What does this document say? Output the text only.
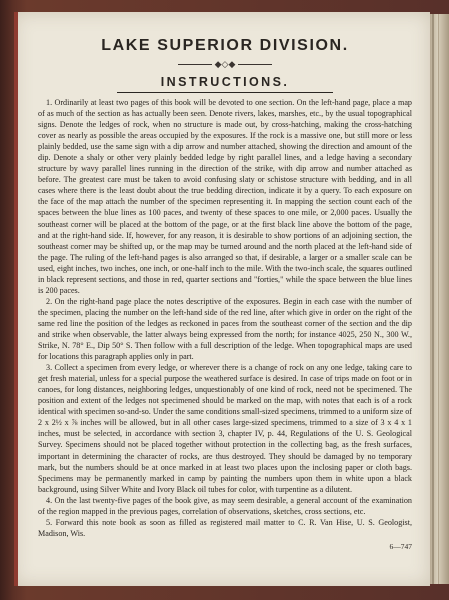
LAKE SUPERIOR DIVISION.
◆◇◆
INSTRUCTIONS.

1. Ordinarily at least two pages of this book will be devoted to one section. On the left-hand page, place a map of as much of the section as has actually been seen. Denote rivers, lakes, marshes, etc., by the usual topographical signs. Denote the ledges of rock, when no structure is made out, by cross-hatching, making the cross-hatching cover as nearly as possible the areas occupied by the exposures. If the rock is a massive one, but still more or less plainly bedded, use the same sign with a dip arrow and number attached, showing the direction and amount of the dip. Denote a shaly or other very plainly bedded ledge by right parallel lines, and a ledge having a secondary structure by wavy parallel lines running in the direction of the strike, with dip arrow and number attached as before. The greatest care must be taken to avoid confusing slaty or schistose structure with bedding, and in all cases where there is the least doubt about the true bedding direction, indicate it by a query. To each exposure on the face of the map attach the number of the specimen representing it. In mapping the section count each of the spaces between the blue lines as 100 paces, and twenty of these spaces to one mile, or 2,000 paces. Usually the southeast corner will be placed at the bottom of the page, or at the first black line above the bottom of the page, and at the right-hand side. If, however, for any reason, it is desirable to show portions of an adjoining section, the southeast corner may be shifted up, or the map may be turned around and the north placed at the left-hand side of the page. The ruling of the left-hand pages is also arranged so that, if desirable, a larger or a smaller scale can be used, eight inches, two inches, one inch, or one-half inch to the mile. With the two-inch scale, the squares outlined in black represent sections, and those in red, quarter sections and "forties," while the space between the blue lines is 200 paces.

2. On the right-hand page place the notes descriptive of the exposures. Begin in each case with the number of the specimen, placing the number on the left-hand side of the red line, after which give in order on the right of the same red line the position of the ledges as reckoned in paces from the southeast corner of the section and the dip and strike when observable, the latter always being expressed from the north; for instance 4025, 250 N., 300 W., Strike, N. 78° E., Dip 50° S. Then follow with a full description of the ledge. When topographical maps are used for locations this paragraph applies only in part.

3. Collect a specimen from every ledge, or wherever there is a change of rock on any one ledge, taking care to get fresh material, unless for a special purpose the weathered surface is desired. In case of trips made on foot or in canoes, for long distances, neighboring ledges, unquestionably of one kind of rock, need not be specimened. The position and extent of the ledges not specimened should be marked on the map, with notes that each is of a rock identical with specimen so-and-so. Under the same conditions small-sized specimens, trimmed to a uniform size of 2 x 2½ x ⅞ inches will be allowed, but in all other cases large-sized specimens, trimmed to a size of 3 x 4 x 1 inches, must be selected, in accordance with section 3, chapter IV, p. 44, Regulations of the U. S. Geological Survey. Specimens should not be placed together without protection in the collecting bag, as the fresh surfaces, important in determining the character of rocks, are thus destroyed. They should be damaged by no temporary mark, but the numbers should be at once marked in at least two places upon the inclosing paper or cloth bags. Specimens may be permanently marked in camp by painting the numbers upon them in white upon a black background, using Silver White and Ivory Black oil tubes for color, with turpentine as a dilutent.

4. On the last twenty-five pages of the book give, as may seem desirable, a general account of the examination of the region mapped in the previous pages, correlation of observations, sketches, cross sections, etc.

5. Forward this note book as soon as filled as registered mail matter to C. R. Van Hise, U. S. Geologist, Madison, Wis.

6—747
